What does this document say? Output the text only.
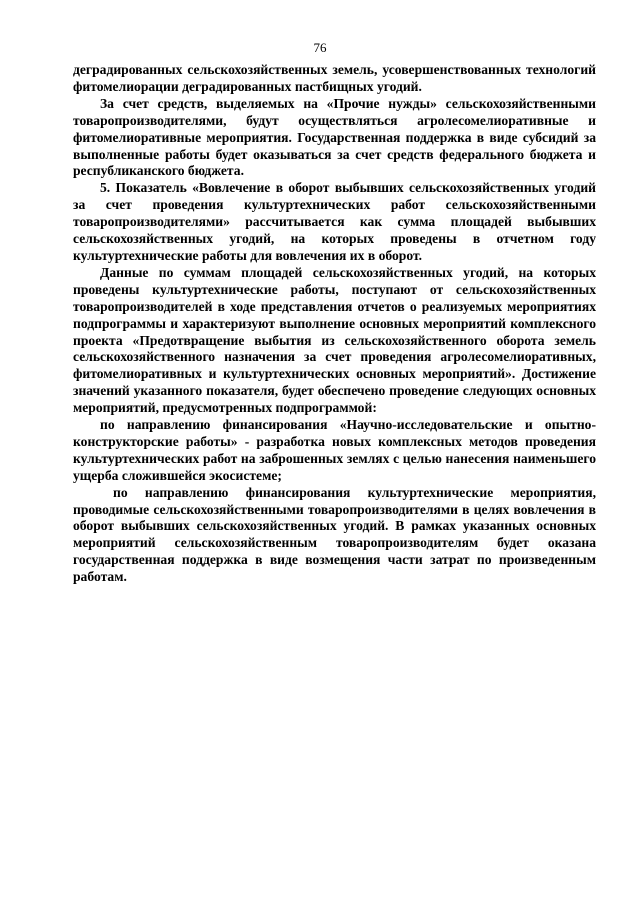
76

деградированных сельскохозяйственных земель, усовершенствованных технологий фитомелиорации деградированных пастбищных угодий.

За счет средств, выделяемых на «Прочие нужды» сельскохозяйственными товаропроизводителями, будут осуществляться агролесомелиоративные и фитомелиоративные мероприятия. Государственная поддержка в виде субсидий за выполненные работы будет оказываться за счет средств федерального бюджета и республиканского бюджета.

5. Показатель «Вовлечение в оборот выбывших сельскохозяйственных угодий за счет проведения культуртехнических работ сельскохозяйственными товаропроизводителями» рассчитывается как сумма площадей выбывших сельскохозяйственных угодий, на которых проведены в отчетном году культуртехнические работы для вовлечения их в оборот.

Данные по суммам площадей сельскохозяйственных угодий, на которых проведены культуртехнические работы, поступают от сельскохозяйственных товаропроизводителей в ходе представления отчетов о реализуемых мероприятиях подпрограммы и характеризуют выполнение основных мероприятий комплексного проекта «Предотвращение выбытия из сельскохозяйственного оборота земель сельскохозяйственного назначения за счет проведения агролесомелиоративных, фитомелиоративных и культуртехнических основных мероприятий». Достижение значений указанного показателя, будет обеспечено проведение следующих основных мероприятий, предусмотренных подпрограммой:

по направлению финансирования «Научно-исследовательские и опытно-конструкторские работы» - разработка новых комплексных методов проведения культуртехнических работ на заброшенных землях с целью нанесения наименьшего ущерба сложившейся экосистеме;

по направлению финансирования культуртехнические мероприятия, проводимые сельскохозяйственными товаропроизводителями в целях вовлечения в оборот выбывших сельскохозяйственных угодий. В рамках указанных основных мероприятий сельскохозяйственным товаропроизводителям будет оказана государственная поддержка в виде возмещения части затрат по произведенным работам.
